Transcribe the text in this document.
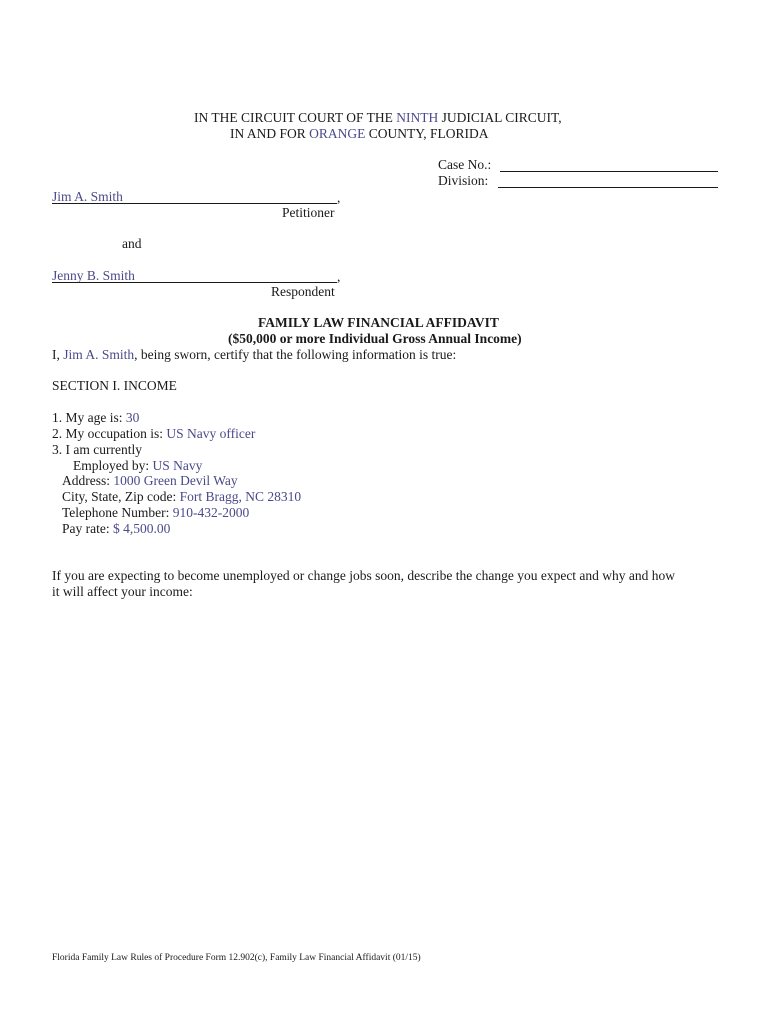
IN THE CIRCUIT COURT OF THE NINTH JUDICIAL CIRCUIT,
IN AND FOR ORANGE COUNTY, FLORIDA
Case No.:
Division:
Jim A. Smith	,
Petitioner
and
Jenny B. Smith	,
Respondent
FAMILY LAW FINANCIAL AFFIDAVIT
($50,000 or more Individual Gross Annual Income)
I, Jim A. Smith, being sworn, certify that the following information is true:
SECTION I. INCOME
1. My age is: 30
2. My occupation is: US Navy officer
3. I am currently
Employed by: US Navy
Address: 1000 Green Devil Way
City, State, Zip code: Fort Bragg, NC 28310
Telephone Number: 910-432-2000
Pay rate: $ 4,500.00
If you are expecting to become unemployed or change jobs soon, describe the change you expect and why and how
it will affect your income:
Florida Family Law Rules of Procedure Form 12.902(c), Family Law Financial Affidavit (01/15)
